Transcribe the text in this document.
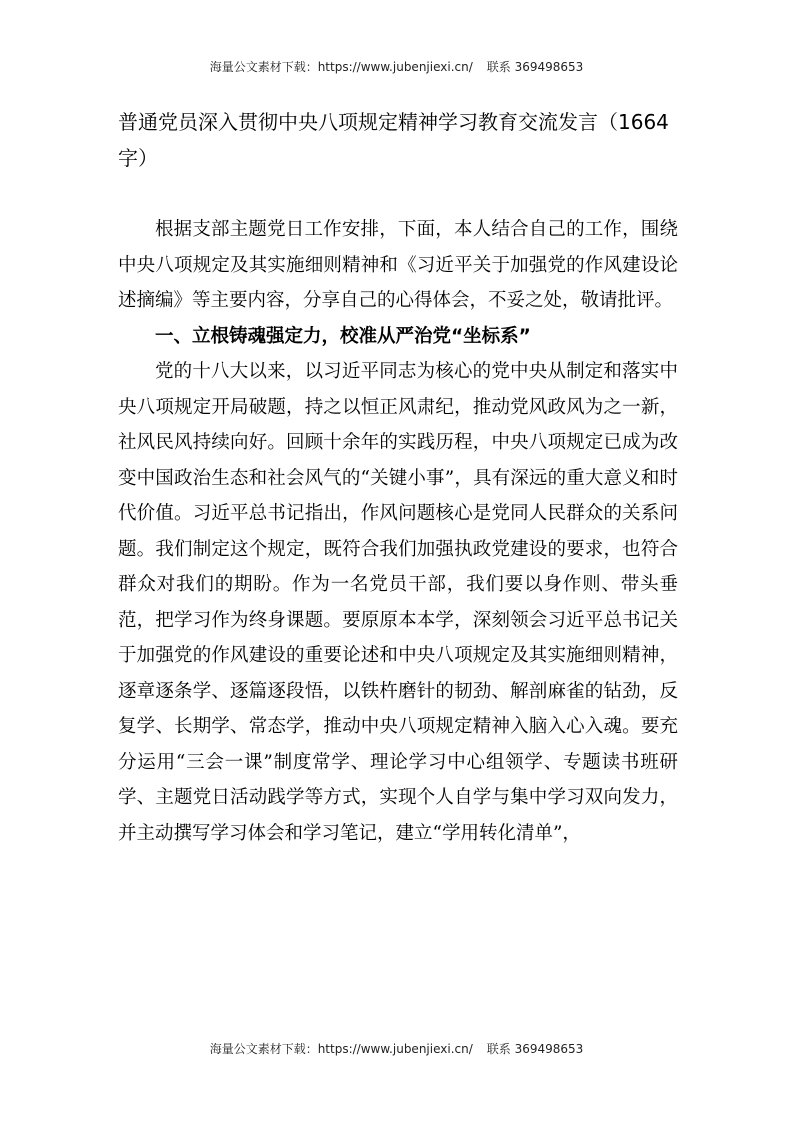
海量公文素材下载：https://www.jubenjiexi.cn/ 联系 369498653
普通党员深入贯彻中央八项规定精神学习教育交流发言（1664 字）

根据支部主题党日工作安排，下面，本人结合自己的工作，围绕中央八项规定及其实施细则精神和《习近平关于加强党的作风建设论述摘编》等主要内容，分享自己的心得体会，不妥之处，敬请批评。

一、立根铸魂强定力，校准从严治党“坐标系”

党的十八大以来，以习近平同志为核心的党中央从制定和落实中央八项规定开局破题，持之以恒正风肃纪，推动党风政风为之一新，社风民风持续向好。回顾十余年的实践历程，中央八项规定已成为改变中国政治生态和社会风气的“关键小事”，具有深远的重大意义和时代价值。习近平总书记指出，作风问题核心是党同人民群众的关系问题。我们制定这个规定，既符合我们加强执政党建设的要求，也符合群众对我们的期盼。作为一名党员干部，我们要以身作则、带头垂范，把学习作为终身课题。要原原本本学，深刻领会习近平总书记关于加强党的作风建设的重要论述和中央八项规定及其实施细则精神，逐章逐条学、逐篇逐段悟，以铁杵磨针的韧劲、解剖麻雀的钻劲，反复学、长期学、常态学，推动中央八项规定精神入脑入心入魂。要充分运用“三会一课”制度常学、理论学习中心组领学、专题读书班研学、主题党日活动践学等方式，实现个人自学与集中学习双向发力，并主动撰写学习体会和学习笔记，建立“学用转化清单”，

海量公文素材下载：https://www.jubenjiexi.cn/ 联系 369498653
